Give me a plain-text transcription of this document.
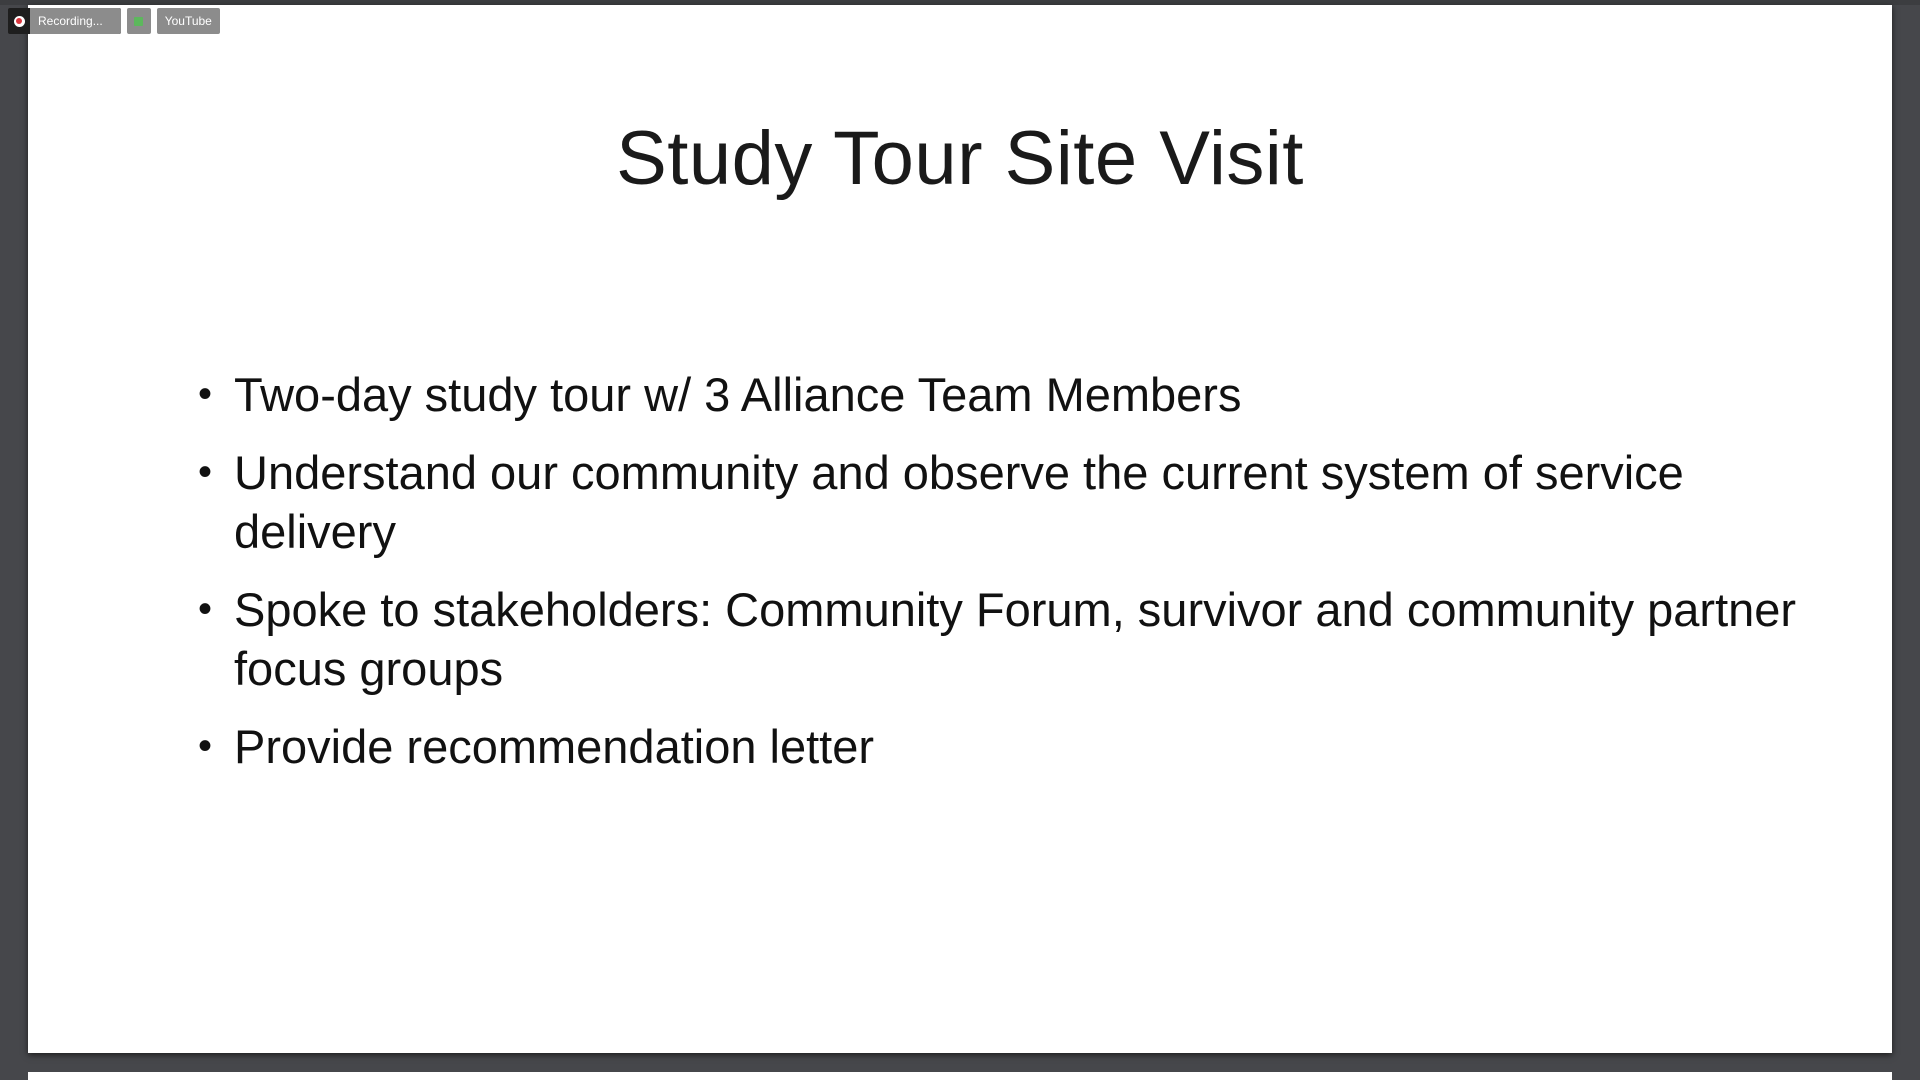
Study Tour Site Visit
• Two-day study tour w/ 3 Alliance Team Members
• Understand our community and observe the current system of service delivery
• Spoke to stakeholders: Community Forum, survivor and community partner focus groups
• Provide recommendation letter
Recording...	YouTube
